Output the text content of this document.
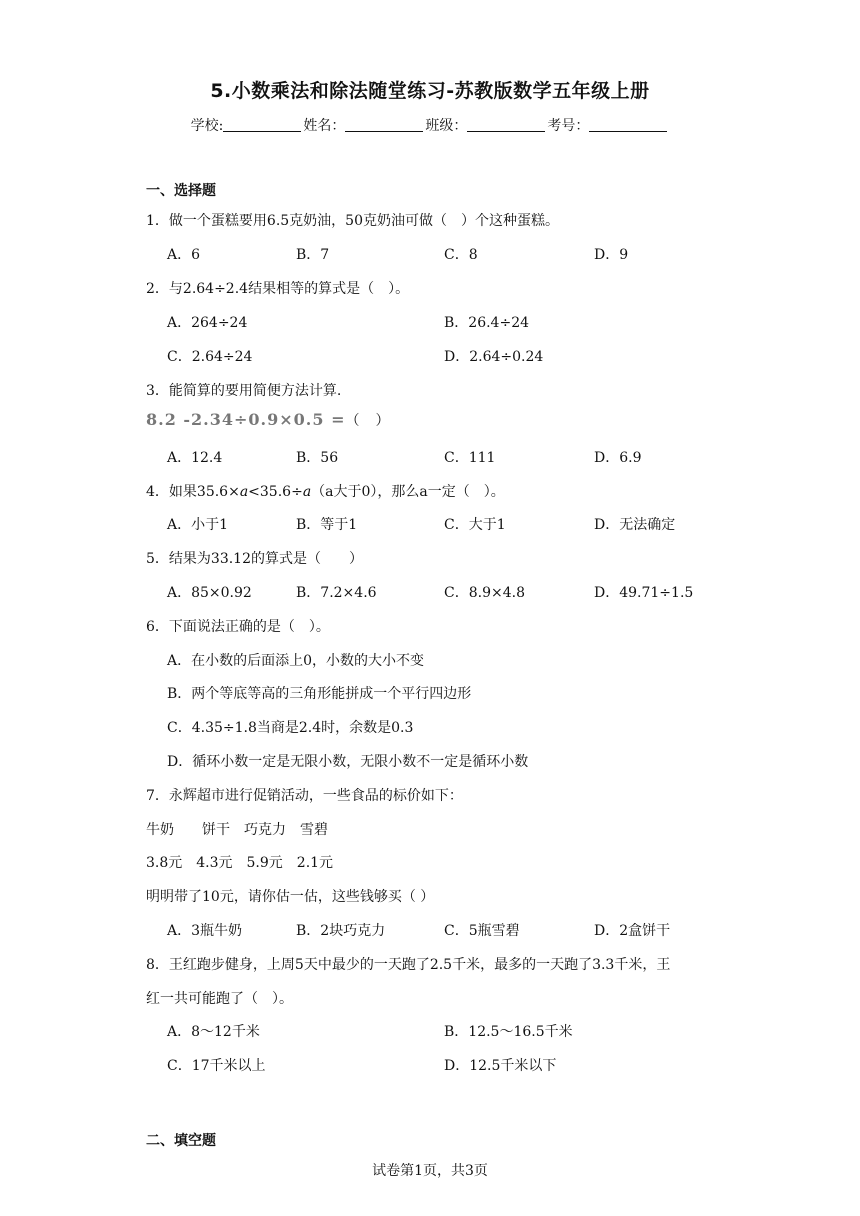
5.小数乘法和除法随堂练习-苏教版数学五年级上册
学校:	姓名：	班级：	考号：
一、选择题
1．做一个蛋糕要用6.5克奶油，50克奶油可做（　）个这种蛋糕。
A．6	B．7	C．8	D．9
2．与2.64÷2.4结果相等的算式是（　）。
A．264÷24	B．26.4÷24
C．2.64÷24	D．2.64÷0.24
3．能简算的要用简便方法计算.
8.2 -2.34÷0.9×0.5 =（　）
A．12.4	B．56	C．111	D．6.9
4．如果35.6×a<35.6÷a（a大于0），那么a一定（　）。
A．小于1	B．等于1	C．大于1	D．无法确定
5．结果为33.12的算式是（　　）
A．85×0.92	B．7.2×4.6	C．8.9×4.8	D．49.71÷1.5
6．下面说法正确的是（　）。
A．在小数的后面添上0，小数的大小不变
B．两个等底等高的三角形能拼成一个平行四边形
C．4.35÷1.8当商是2.4时，余数是0.3
D．循环小数一定是无限小数，无限小数不一定是循环小数
7．永辉超市进行促销活动，一些食品的标价如下：
牛奶　　饼干　巧克力　雪碧
3.8元　4.3元　5.9元　2.1元
明明带了10元，请你估一估，这些钱够买（ ）
A．3瓶牛奶	B．2块巧克力	C．5瓶雪碧	D．2盒饼干
8．王红跑步健身，上周5天中最少的一天跑了2.5千米，最多的一天跑了3.3千米，王
红一共可能跑了（　）。
A．8～12千米	B．12.5～16.5千米
C．17千米以上	D．12.5千米以下
二、填空题
试卷第1页，共3页
